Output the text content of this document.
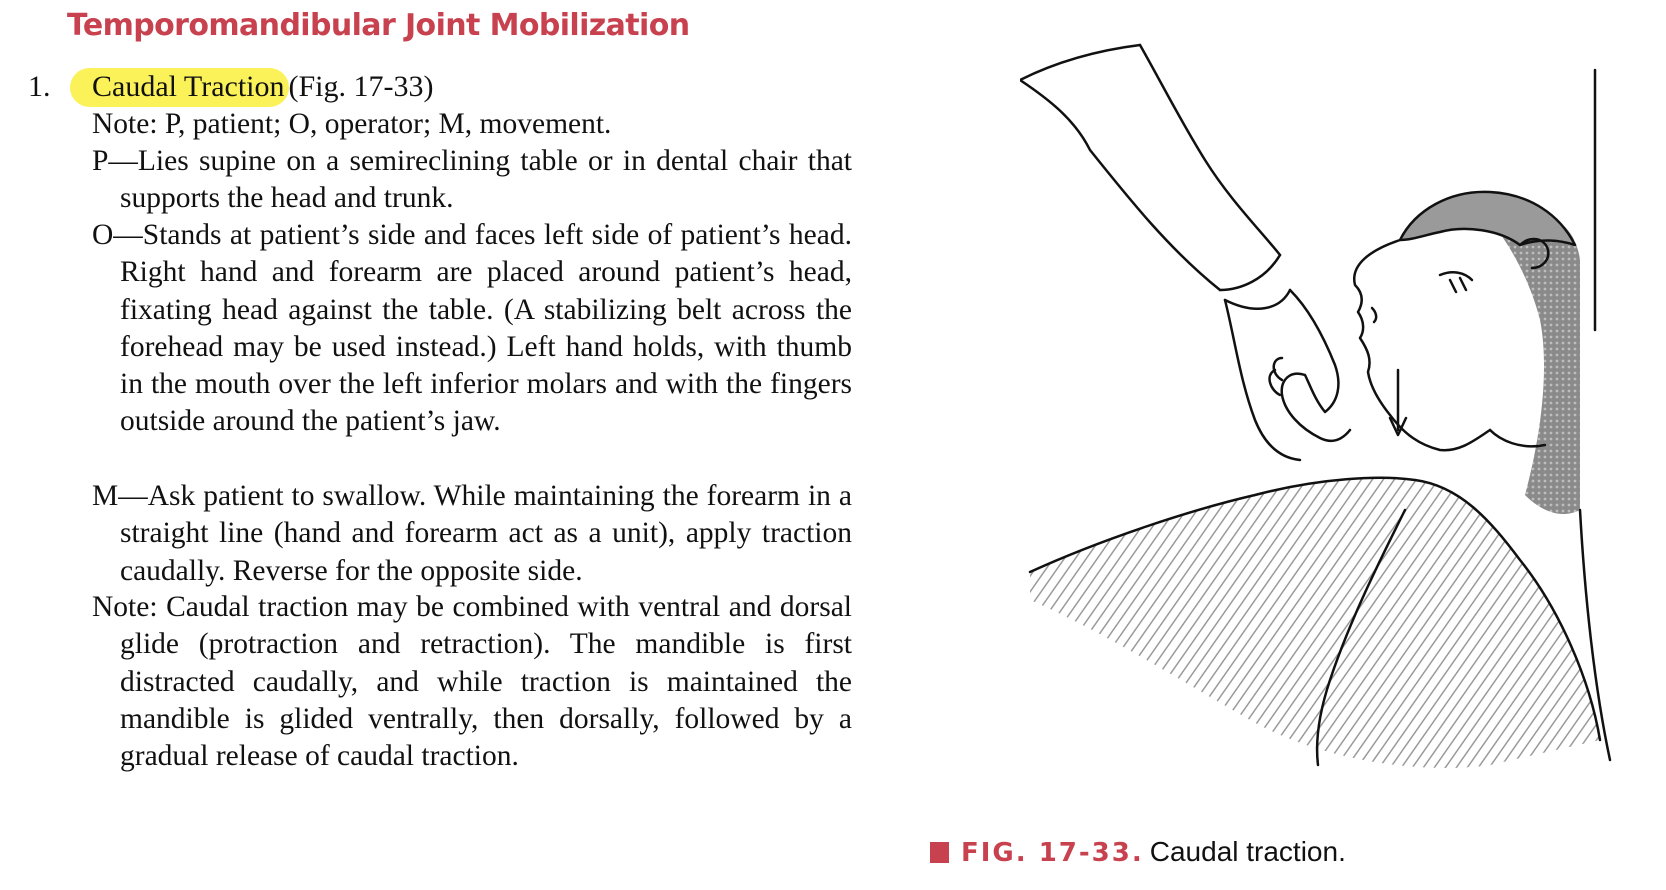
Temporomandibular Joint Mobilization
1. Caudal Traction (Fig. 17-33)
Note: P, patient; O, operator; M, movement.
P—Lies supine on a semireclining table or in dental chair that supports the head and trunk.
O—Stands at patient’s side and faces left side of patient’s head. Right hand and forearm are placed around patient’s head, fixating head against the table. (A stabilizing belt across the forehead may be used instead.) Left hand holds, with thumb in the mouth over the left inferior molars and with the fingers outside around the patient’s jaw.
M—Ask patient to swallow. While maintaining the forearm in a straight line (hand and forearm act as a unit), apply traction caudally. Reverse for the opposite side.
Note: Caudal traction may be combined with ventral and dorsal glide (protraction and retraction). The mandible is first distracted caudally, and while traction is maintained the mandible is glided ventrally, then dorsally, followed by a gradual release of caudal traction.
FIG. 17-33. Caudal traction.
